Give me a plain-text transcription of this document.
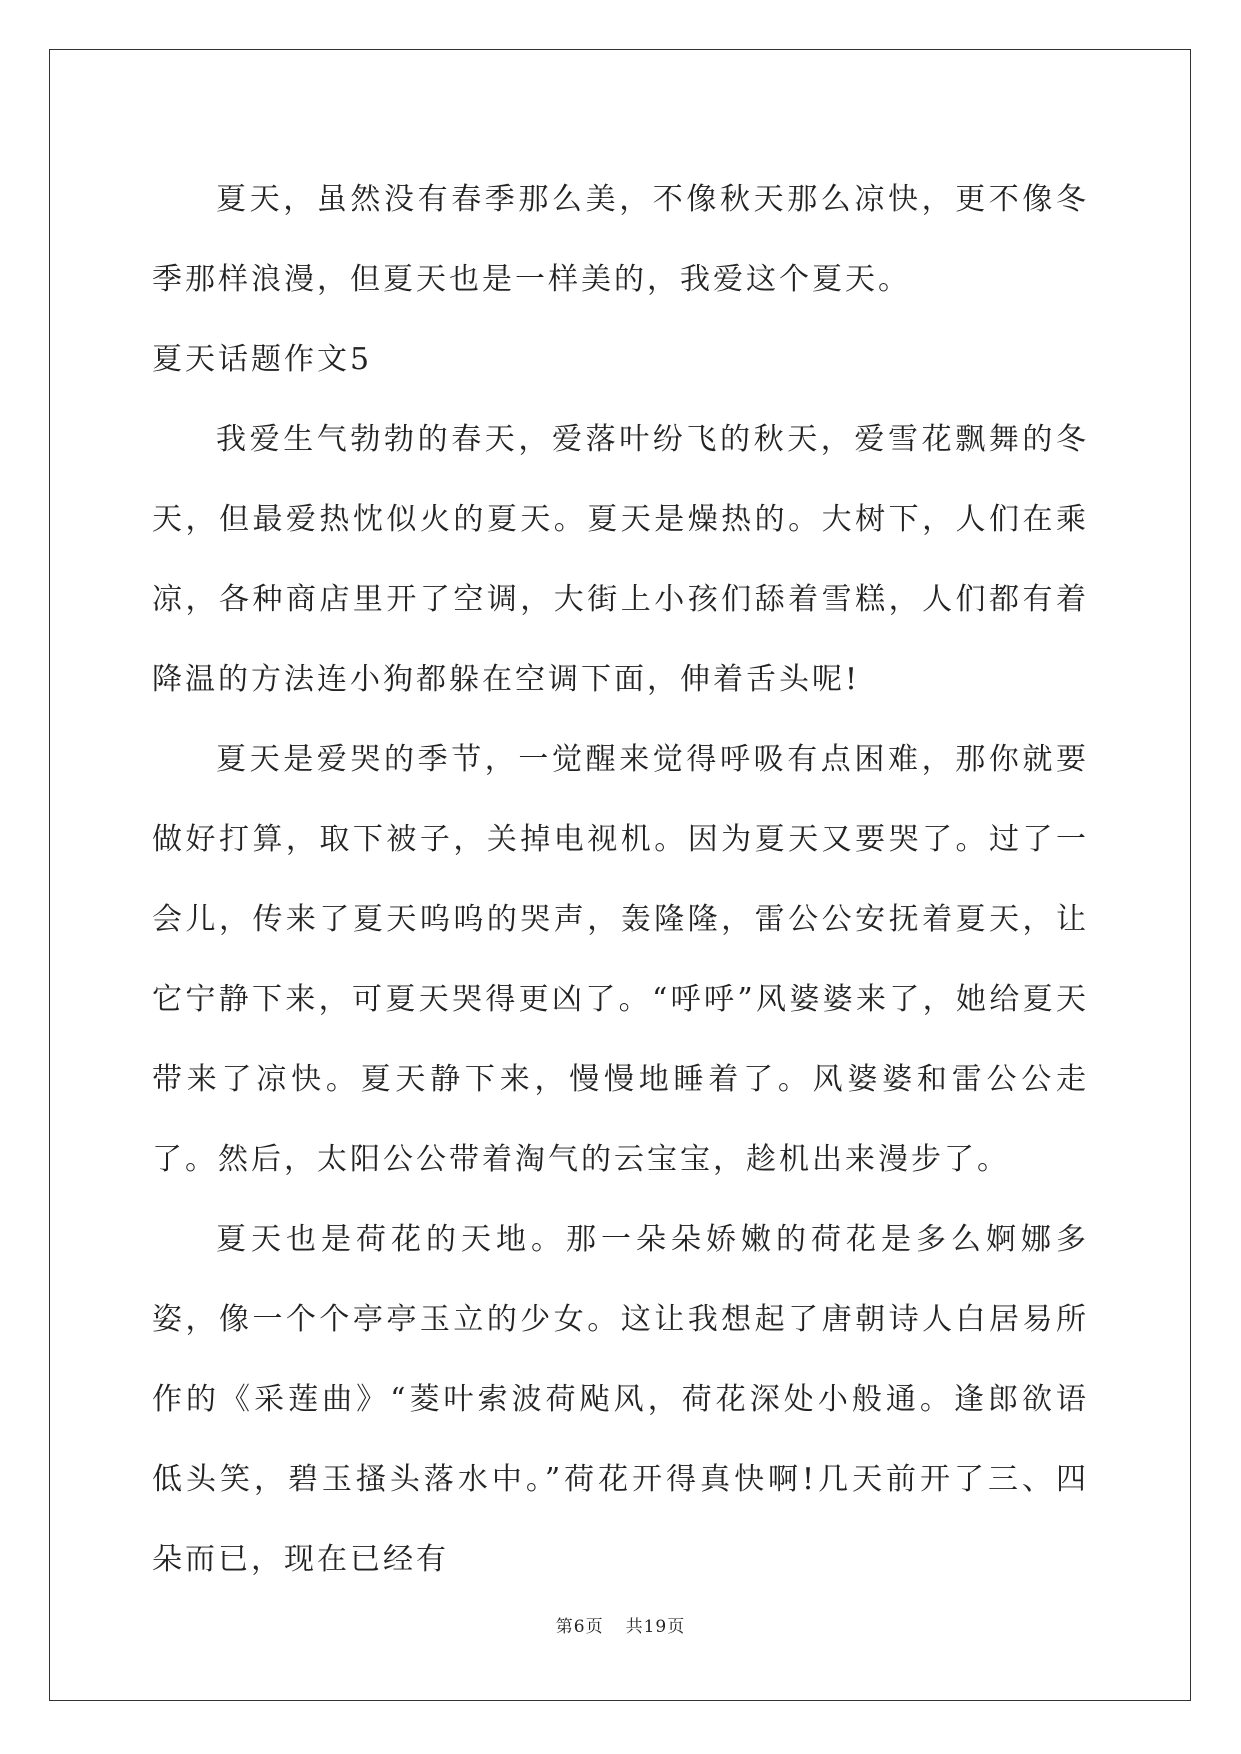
夏天，虽然没有春季那么美，不像秋天那么凉快，更不像冬季那样浪漫，但夏天也是一样美的，我爱这个夏天。

夏天话题作文5

我爱生气勃勃的春天，爱落叶纷飞的秋天，爱雪花飘舞的冬天，但最爱热忱似火的夏天。夏天是燥热的。大树下，人们在乘凉，各种商店里开了空调，大街上小孩们舔着雪糕，人们都有着降温的方法连小狗都躲在空调下面，伸着舌头呢!

夏天是爱哭的季节，一觉醒来觉得呼吸有点困难，那你就要做好打算，取下被子，关掉电视机。因为夏天又要哭了。过了一会儿，传来了夏天呜呜的哭声，轰隆隆，雷公公安抚着夏天，让它宁静下来，可夏天哭得更凶了。“呼呼”风婆婆来了，她给夏天带来了凉快。夏天静下来，慢慢地睡着了。风婆婆和雷公公走了。然后，太阳公公带着淘气的云宝宝，趁机出来漫步了。

夏天也是荷花的天地。那一朵朵娇嫩的荷花是多么婀娜多姿，像一个个亭亭玉立的少女。这让我想起了唐朝诗人白居易所作的《采莲曲》“菱叶索波荷飐风，荷花深处小般通。逢郎欲语低头笑，碧玉搔头落水中。”荷花开得真快啊!几天前开了三、四朵而已，现在已经有

第6页 共19页
